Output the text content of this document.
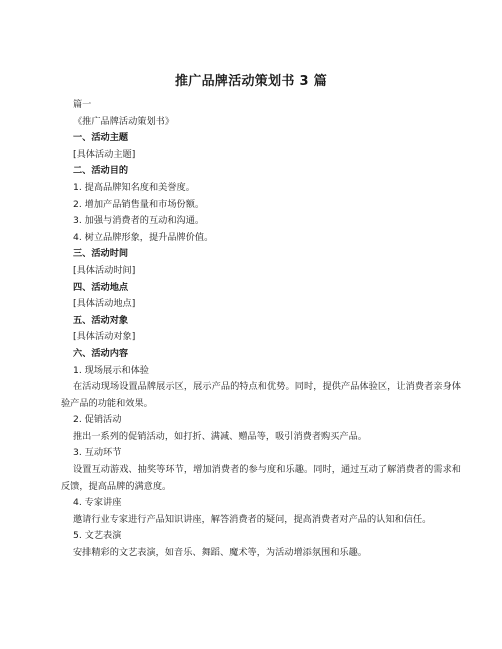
推广品牌活动策划书 3 篇
篇一
《推广品牌活动策划书》
一、活动主题
[具体活动主题]
二、活动目的
1. 提高品牌知名度和美誉度。
2. 增加产品销售量和市场份额。
3. 加强与消费者的互动和沟通。
4. 树立品牌形象，提升品牌价值。
三、活动时间
[具体活动时间]
四、活动地点
[具体活动地点]
五、活动对象
[具体活动对象]
六、活动内容
1. 现场展示和体验

在活动现场设置品牌展示区，展示产品的特点和优势。同时，提供产品体验区，让消费者亲身体验产品的功能和效果。

2. 促销活动

推出一系列的促销活动，如打折、满减、赠品等，吸引消费者购买产品。

3. 互动环节

设置互动游戏、抽奖等环节，增加消费者的参与度和乐趣。同时，通过互动了解消费者的需求和反馈，提高品牌的满意度。

4. 专家讲座

邀请行业专家进行产品知识讲座，解答消费者的疑问，提高消费者对产品的认知和信任。

5. 文艺表演

安排精彩的文艺表演，如音乐、舞蹈、魔术等，为活动增添氛围和乐趣。
